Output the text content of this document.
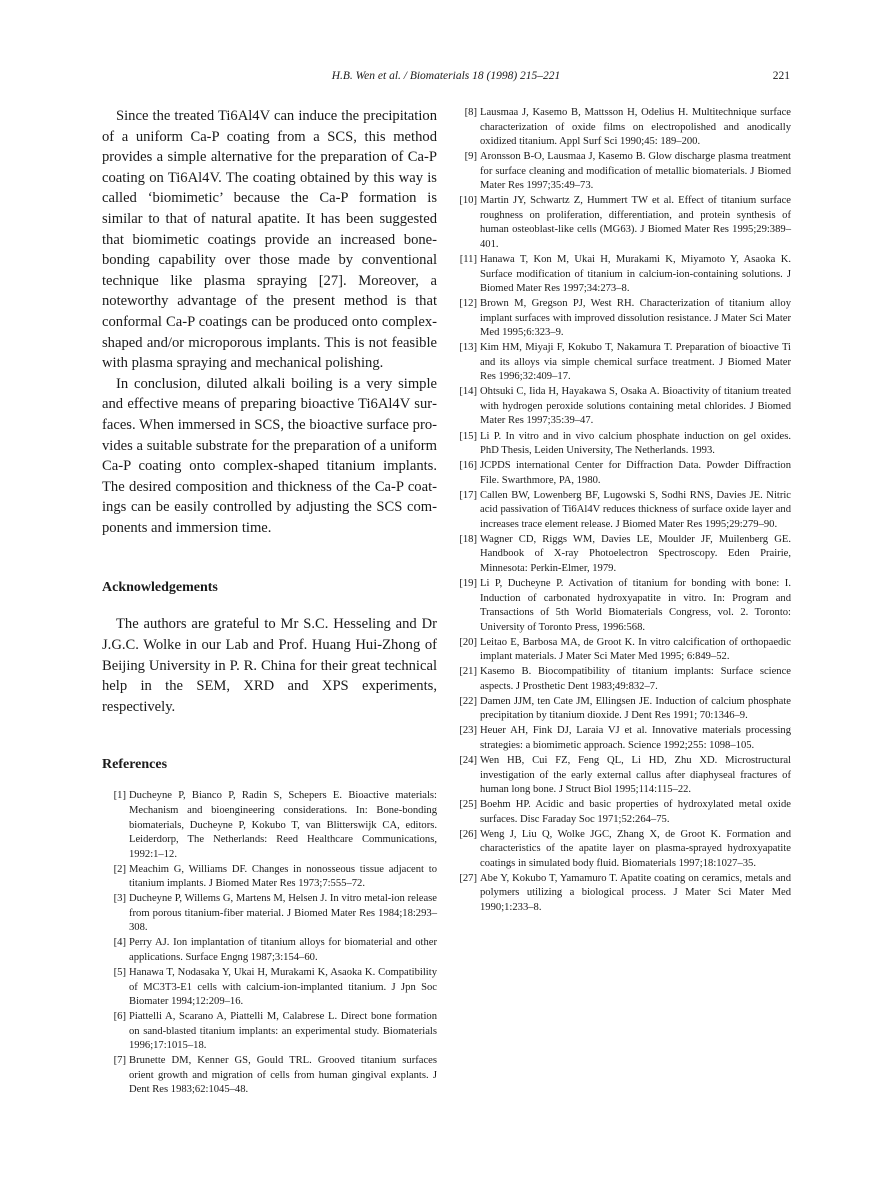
H.B. Wen et al. / Biomaterials 18 (1998) 215–221	221

Since the treated Ti6Al4V can induce the precipitation of a uniform Ca-P coating from a SCS, this method provides a simple alternative for the preparation of Ca-P coating on Ti6Al4V. The coating obtained by this way is called ‘biomimetic’ because the Ca-P formation is similar to that of natural apatite. It has been suggested that biomimetic coatings provide an increased bone-bonding capability over those made by conventional technique like plasma spraying [27]. Moreover, a noteworthy advantage of the present method is that conformal Ca-P coatings can be produced onto complex-shaped and/or microporous implants. This is not feasible with plasma spraying and mechanical polishing.

In conclusion, diluted alkali boiling is a very simple and effective means of preparing bioactive Ti6Al4V surfaces. When immersed in SCS, the bioactive surface provides a suitable substrate for the preparation of a uniform Ca-P coating onto complex-shaped titanium implants. The desired composition and thickness of the Ca-P coatings can be easily controlled by adjusting the SCS components and immersion time.

Acknowledgements

The authors are grateful to Mr S.C. Hesseling and Dr J.G.C. Wolke in our Lab and Prof. Huang Hui-Zhong of Beijing University in P. R. China for their great technical help in the SEM, XRD and XPS experiments, respectively.

References
[1] Ducheyne P, Bianco P, Radin S, Schepers E. Bioactive materials: Mechanism and bioengineering considerations. In: Bone-bonding biomaterials, Ducheyne P, Kokubo T, van Blitterswijk CA, editors. Leiderdorp, The Netherlands: Reed Healthcare Communications, 1992:1–12.
[2] Meachim G, Williams DF. Changes in nonosseous tissue adjacent to titanium implants. J Biomed Mater Res 1973;7:555–72.
[3] Ducheyne P, Willems G, Martens M, Helsen J. In vitro metal-ion release from porous titanium-fiber material. J Biomed Mater Res 1984;18:293–308.
[4] Perry AJ. Ion implantation of titanium alloys for biomaterial and other applications. Surface Engng 1987;3:154–60.
[5] Hanawa T, Nodasaka Y, Ukai H, Murakami K, Asaoka K. Compatibility of MC3T3-E1 cells with calcium-ion-implanted titanium. J Jpn Soc Biomater 1994;12:209–16.
[6] Piattelli A, Scarano A, Piattelli M, Calabrese L. Direct bone formation on sand-blasted titanium implants: an experimental study. Biomaterials 1996;17:1015–18.
[7] Brunette DM, Kenner GS, Gould TRL. Grooved titanium surfaces orient growth and migration of cells from human gingival explants. J Dent Res 1983;62:1045–48.
[8] Lausmaa J, Kasemo B, Mattsson H, Odelius H. Multitechnique surface characterization of oxide films on electropolished and anodically oxidized titanium. Appl Surf Sci 1990;45: 189–200.
[9] Aronsson B-O, Lausmaa J, Kasemo B. Glow discharge plasma treatment for surface cleaning and modification of metallic biomaterials. J Biomed Mater Res 1997;35:49–73.
[10] Martin JY, Schwartz Z, Hummert TW et al. Effect of titanium surface roughness on proliferation, differentiation, and protein synthesis of human osteoblast-like cells (MG63). J Biomed Mater Res 1995;29:389–401.
[11] Hanawa T, Kon M, Ukai H, Murakami K, Miyamoto Y, Asaoka K. Surface modification of titanium in calcium-ion-containing solutions. J Biomed Mater Res 1997;34:273–8.
[12] Brown M, Gregson PJ, West RH. Characterization of titanium alloy implant surfaces with improved dissolution resistance. J Mater Sci Mater Med 1995;6:323–9.
[13] Kim HM, Miyaji F, Kokubo T, Nakamura T. Preparation of bioactive Ti and its alloys via simple chemical surface treatment. J Biomed Mater Res 1996;32:409–17.
[14] Ohtsuki C, Iida H, Hayakawa S, Osaka A. Bioactivity of titanium treated with hydrogen peroxide solutions containing metal chlorides. J Biomed Mater Res 1997;35:39–47.
[15] Li P. In vitro and in vivo calcium phosphate induction on gel oxides. PhD Thesis, Leiden University, The Netherlands. 1993.
[16] JCPDS international Center for Diffraction Data. Powder Diffraction File. Swarthmore, PA, 1980.
[17] Callen BW, Lowenberg BF, Lugowski S, Sodhi RNS, Davies JE. Nitric acid passivation of Ti6Al4V reduces thickness of surface oxide layer and increases trace element release. J Biomed Mater Res 1995;29:279–90.
[18] Wagner CD, Riggs WM, Davies LE, Moulder JF, Muilenberg GE. Handbook of X-ray Photoelectron Spectroscopy. Eden Prairie, Minnesota: Perkin-Elmer, 1979.
[19] Li P, Ducheyne P. Activation of titanium for bonding with bone: I. Induction of carbonated hydroxyapatite in vitro. In: Program and Transactions of 5th World Biomaterials Congress, vol. 2. Toronto: University of Toronto Press, 1996:568.
[20] Leitao E, Barbosa MA, de Groot K. In vitro calcification of orthopaedic implant materials. J Mater Sci Mater Med 1995; 6:849–52.
[21] Kasemo B. Biocompatibility of titanium implants: Surface science aspects. J Prosthetic Dent 1983;49:832–7.
[22] Damen JJM, ten Cate JM, Ellingsen JE. Induction of calcium phosphate precipitation by titanium dioxide. J Dent Res 1991; 70:1346–9.
[23] Heuer AH, Fink DJ, Laraia VJ et al. Innovative materials processing strategies: a biomimetic approach. Science 1992;255: 1098–105.
[24] Wen HB, Cui FZ, Feng QL, Li HD, Zhu XD. Microstructural investigation of the early external callus after diaphyseal fractures of human long bone. J Struct Biol 1995;114:115–22.
[25] Boehm HP. Acidic and basic properties of hydroxylated metal oxide surfaces. Disc Faraday Soc 1971;52:264–75.
[26] Weng J, Liu Q, Wolke JGC, Zhang X, de Groot K. Formation and characteristics of the apatite layer on plasma-sprayed hydroxyapatite coatings in simulated body fluid. Biomaterials 1997;18:1027–35.
[27] Abe Y, Kokubo T, Yamamuro T. Apatite coating on ceramics, metals and polymers utilizing a biological process. J Mater Sci Mater Med 1990;1:233–8.
